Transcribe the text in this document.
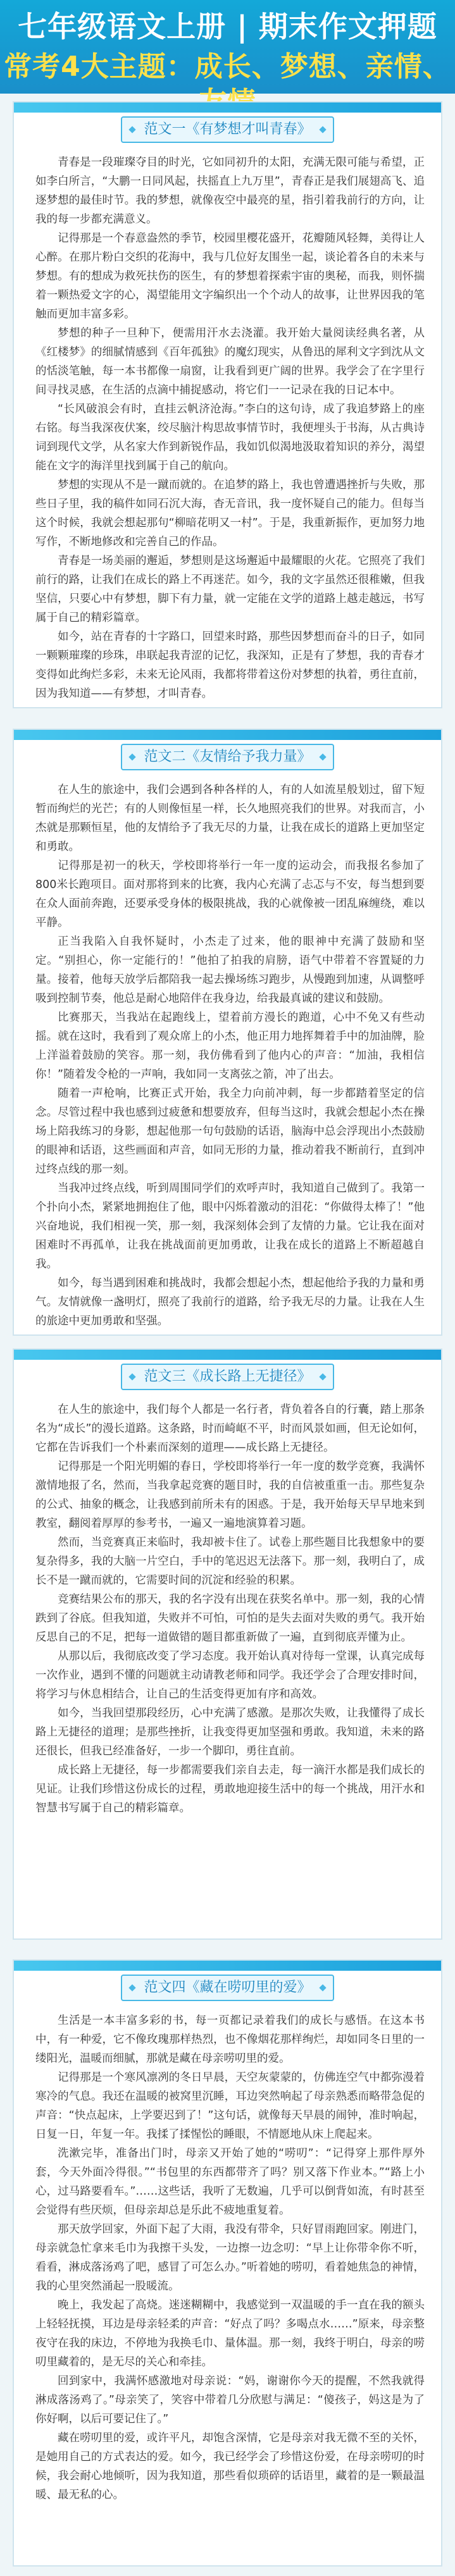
七年级语文上册 | 期末作文押题
常考4大主题：成长、梦想、亲情、
范文一《有梦想才叫青春》

青春是一段璀璨夺目的时光，它如同初升的太阳，充满无限可能与希望，正如李白所言，“大鹏一日同风起，扶摇直上九万里”，青春正是我们展翅高飞、追逐梦想的最佳时节。我的梦想，就像夜空中最亮的星，指引着我前行的方向，让我的每一步都充满意义。

记得那是一个春意盎然的季节，校园里樱花盛开，花瓣随风轻舞，美得让人心醉。在那片粉白交织的花海中，我与几位好友围坐一起，谈论着各自的未来与梦想。有的想成为救死扶伤的医生，有的梦想着探索宇宙的奥秘，而我，则怀揣着一颗热爱文字的心，渴望能用文字编织出一个个动人的故事，让世界因我的笔触而更加丰富多彩。

梦想的种子一旦种下，便需用汗水去浇灌。我开始大量阅读经典名著，从《红楼梦》的细腻情感到《百年孤独》的魔幻现实，从鲁迅的犀利文字到沈从文的恬淡笔触，每一本书都像一扇窗，让我看到更广阔的世界。我学会了在字里行间寻找灵感，在生活的点滴中捕捉感动，将它们一一记录在我的日记本中。

“长风破浪会有时，直挂云帆济沧海。”李白的这句诗，成了我追梦路上的座右铭。每当我深夜伏案，绞尽脑汁构思故事情节时，我便埋头于书海，从古典诗词到现代文学，从名家大作到新锐作品，我如饥似渴地汲取着知识的养分，渴望能在文字的海洋里找到属于自己的航向。

梦想的实现从不是一蹴而就的。在追梦的路上，我也曾遭遇挫折与失败，那些日子里，我的稿件如同石沉大海，杳无音讯，我一度怀疑自己的能力。但每当这个时候，我就会想起那句“柳暗花明又一村”。于是，我重新振作，更加努力地写作，不断地修改和完善自己的作品。

青春是一场美丽的邂逅，梦想则是这场邂逅中最耀眼的火花。它照亮了我们前行的路，让我们在成长的路上不再迷茫。如今，我的文字虽然还很稚嫩，但我坚信，只要心中有梦想，脚下有力量，就一定能在文学的道路上越走越远，书写属于自己的精彩篇章。

如今，站在青春的十字路口，回望来时路，那些因梦想而奋斗的日子，如同一颗颗璀璨的珍珠，串联起我青涩的记忆，我深知，正是有了梦想，我的青春才变得如此绚烂多彩，未来无论风雨，我都将带着这份对梦想的执着，勇往直前，因为我知道——有梦想，才叫青春。

范文二《友情给予我力量》

在人生的旅途中，我们会遇到各种各样的人，有的人如流星般划过，留下短暂而绚烂的光芒；有的人则像恒星一样，长久地照亮我们的世界。对我而言，小杰就是那颗恒星，他的友情给予了我无尽的力量，让我在成长的道路上更加坚定和勇敢。

记得那是初一的秋天，学校即将举行一年一度的运动会，而我报名参加了800米长跑项目。面对那将到来的比赛，我内心充满了忐忑与不安，每当想到要在众人面前奔跑，还要承受身体的极限挑战，我的心就像被一团乱麻缠绕，难以平静。

正当我陷入自我怀疑时，小杰走了过来，他的眼神中充满了鼓励和坚定。“别担心，你一定能行的！”他拍了拍我的肩膀，语气中带着不容置疑的力量。接着，他每天放学后都陪我一起去操场练习跑步，从慢跑到加速，从调整呼吸到控制节奏，他总是耐心地陪伴在我身边，给我最真诚的建议和鼓励。

比赛那天，当我站在起跑线上，望着前方漫长的跑道，心中不免又有些动摇。就在这时，我看到了观众席上的小杰，他正用力地挥舞着手中的加油牌，脸上洋溢着鼓励的笑容。那一刻，我仿佛看到了他内心的声音：“加油，我相信你！”随着发令枪的一声响，我如同一支离弦之箭，冲了出去。

随着一声枪响，比赛正式开始，我全力向前冲刺，每一步都踏着坚定的信念。尽管过程中我也感到过疲惫和想要放弃，但每当这时，我就会想起小杰在操场上陪我练习的身影，想起他那一句句鼓励的话语，脑海中总会浮现出小杰鼓励的眼神和话语，这些画面和声音，如同无形的力量，推动着我不断前行，直到冲过终点线的那一刻。

当我冲过终点线，听到周围同学们的欢呼声时，我知道自己做到了。我第一个扑向小杰，紧紧地拥抱住了他，眼中闪烁着激动的泪花：“你做得太棒了！”他兴奋地说，我们相视一笑，那一刻，我深刻体会到了友情的力量。它让我在面对困难时不再孤单，让我在挑战面前更加勇敢，让我在成长的道路上不断超越自我。

如今，每当遇到困难和挑战时，我都会想起小杰，想起他给予我的力量和勇气。友情就像一盏明灯，照亮了我前行的道路，给予我无尽的力量。让我在人生的旅途中更加勇敢和坚强。

范文三《成长路上无捷径》

在人生的旅途中，我们每个人都是一名行者，背负着各自的行囊，踏上那条名为“成长”的漫长道路。这条路，时而崎岖不平，时而风景如画，但无论如何，它都在告诉我们一个朴素而深刻的道理——成长路上无捷径。

记得那是一个阳光明媚的春日，学校即将举行一年一度的数学竞赛，我满怀激情地报了名，然而，当我拿起竞赛的题目时，我的自信被重重一击。那些复杂的公式、抽象的概念，让我感到前所未有的困惑。于是，我开始每天早早地来到教室，翻阅着厚厚的参考书，一遍又一遍地演算着习题。

然而，当竞赛真正来临时，我却被卡住了。试卷上那些题目比我想象中的要复杂得多，我的大脑一片空白，手中的笔迟迟无法落下。那一刻，我明白了，成长不是一蹴而就的，它需要时间的沉淀和经验的积累。

竞赛结果公布的那天，我的名字没有出现在获奖名单中。那一刻，我的心情跌到了谷底。但我知道，失败并不可怕，可怕的是失去面对失败的勇气。我开始反思自己的不足，把每一道做错的题目都重新做了一遍，直到彻底弄懂为止。

从那以后，我彻底改变了学习态度。我开始认真对待每一堂课，认真完成每一次作业，遇到不懂的问题就主动请教老师和同学。我还学会了合理安排时间，将学习与休息相结合，让自己的生活变得更加有序和高效。

如今，当我回望那段经历，心中充满了感激。是那次失败，让我懂得了成长路上无捷径的道理；是那些挫折，让我变得更加坚强和勇敢。我知道，未来的路还很长，但我已经准备好，一步一个脚印，勇往直前。

成长路上无捷径，每一步都需要我们亲自去走，每一滴汗水都是我们成长的见证。让我们珍惜这份成长的过程，勇敢地迎接生活中的每一个挑战，用汗水和智慧书写属于自己的精彩篇章。

范文四《藏在唠叨里的爱》

生活是一本丰富多彩的书，每一页都记录着我们的成长与感悟。在这本书中，有一种爱，它不像玫瑰那样热烈，也不像烟花那样绚烂，却如同冬日里的一缕阳光，温暖而细腻，那就是藏在母亲唠叨里的爱。

记得那是一个寒风凛冽的冬日早晨，天空灰蒙蒙的，仿佛连空气中都弥漫着寒冷的气息。我还在温暖的被窝里沉睡，耳边突然响起了母亲熟悉而略带急促的声音：“快点起床，上学要迟到了！”这句话，就像每天早晨的闹钟，准时响起，日复一日，年复一年。我揉了揉惺忪的睡眼，不情愿地从床上爬起来。

洗漱完毕，准备出门时，母亲又开始了她的“唠叨”：“记得穿上那件厚外套，今天外面冷得很。”“书包里的东西都带齐了吗？别又落下作业本。”“路上小心，过马路要看车。”……这些话，我听了无数遍，几乎可以倒背如流，有时甚至会觉得有些厌烦，但母亲却总是乐此不疲地重复着。

那天放学回家，外面下起了大雨，我没有带伞，只好冒雨跑回家。刚进门，母亲就急忙拿来毛巾为我擦干头发，一边擦一边念叨：“早上让你带伞你不听，看看，淋成落汤鸡了吧，感冒了可怎么办。”听着她的唠叨，看着她焦急的神情，我的心里突然涌起一股暖流。

晚上，我发起了高烧。迷迷糊糊中，我感觉到一双温暖的手一直在我的额头上轻轻抚摸，耳边是母亲轻柔的声音：“好点了吗？多喝点水……”原来，母亲整夜守在我的床边，不停地为我换毛巾、量体温。那一刻，我终于明白，母亲的唠叨里藏着的，是无尽的关心和牵挂。

回到家中，我满怀感激地对母亲说：“妈，谢谢你今天的提醒，不然我就得淋成落汤鸡了。”母亲笑了，笑容中带着几分欣慰与满足：“傻孩子，妈这是为了你好啊，以后可要记住了。”

藏在唠叨里的爱，或许平凡，却饱含深情，它是母亲对我无微不至的关怀，是她用自己的方式表达的爱。如今，我已经学会了珍惜这份爱，在母亲唠叨的时候，我会耐心地倾听，因为我知道，那些看似琐碎的话语里，藏着的是一颗最温暖、最无私的心。
